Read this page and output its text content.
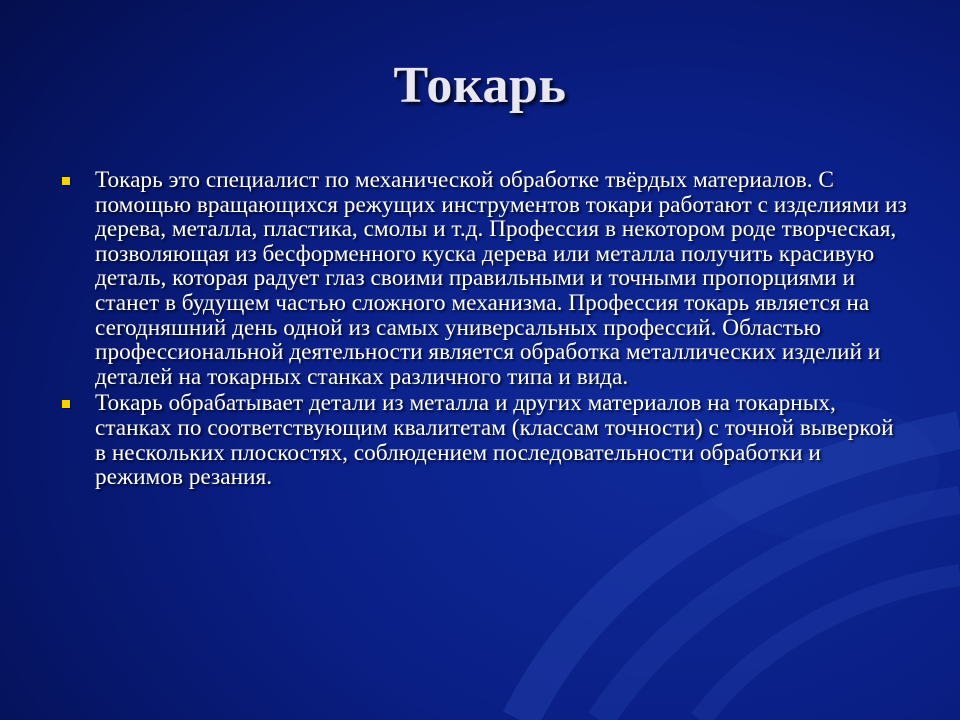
Токарь
Токарь это специалист по механической обработке твёрдых материалов. С помощью вращающихся режущих инструментов токари работают с изделиями из дерева, металла, пластика, смолы и т.д. Профессия в некотором роде творческая, позволяющая из бесформенного куска дерева или металла получить красивую деталь, которая радует глаз своими правильными и точными пропорциями и станет в будущем частью сложного механизма. Профессия токарь является на сегодняшний день одной из самых универсальных профессий. Областью профессиональной деятельности является обработка металлических изделий и деталей на токарных станках различного типа и вида.
Токарь обрабатывает детали из металла и других материалов на токарных, станках по соответствующим квалитетам (классам точности) с точной выверкой в нескольких плоскостях, соблюдением последовательности обработки и режимов резания.
